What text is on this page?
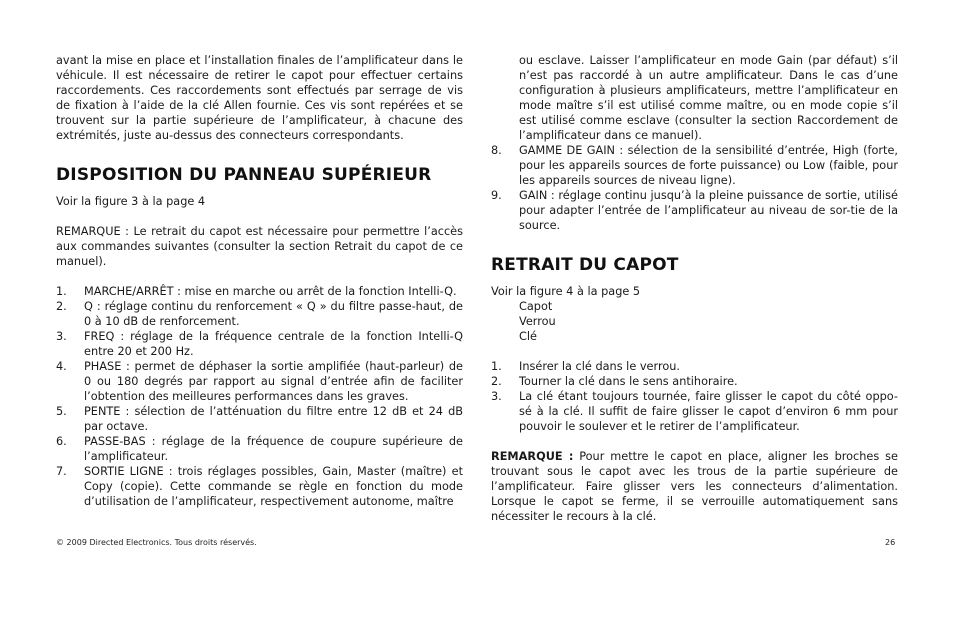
avant la mise en place et l’installation finales de l’amplificateur dans le véhicule. Il est nécessaire de retirer le capot pour effectuer certains raccordements. Ces raccordements sont effectués par serrage de vis de fixation à l’aide de la clé Allen fournie. Ces vis sont repérées et se trouvent sur la partie supérieure de l’amplificateur, à chacune des extrémités, juste au-dessus des connecteurs correspondants.

DISPOSITION DU PANNEAU SUPÉRIEUR

Voir la figure 3 à la page 4

REMARQUE : Le retrait du capot est nécessaire pour permettre l’accès aux commandes suivantes (consulter la section Retrait du capot de ce manuel).

1.	MARCHE/ARRÊT : mise en marche ou arrêt de la fonction Intelli-Q.
2.	Q : réglage continu du renforcement « Q » du filtre passe-haut, de 0 à 10 dB de renforcement.
3.	FREQ : réglage de la fréquence centrale de la fonction Intelli-Q entre 20 et 200 Hz.
4.	PHASE : permet de déphaser la sortie amplifiée (haut-parleur) de 0 ou 180 degrés par rapport au signal d’entrée afin de faciliter l’obtention des meilleures performances dans les graves.
5.	PENTE : sélection de l’atténuation du filtre entre 12 dB et 24 dB par octave.
6.	PASSE-BAS : réglage de la fréquence de coupure supérieure de l’amplificateur.
7.	SORTIE LIGNE : trois réglages possibles, Gain, Master (maître) et Copy (copie). Cette commande se règle en fonction du mode d’utilisation de l’amplificateur, respectivement autonome, maître

ou esclave. Laisser l’amplificateur en mode Gain (par défaut) s’il n’est pas raccordé à un autre amplificateur. Dans le cas d’une configuration à plusieurs amplificateurs, mettre l’amplificateur en mode maître s’il est utilisé comme maître, ou en mode copie s’il est utilisé comme esclave (consulter la section Raccordement de l’amplificateur dans ce manuel).

8.	GAMME DE GAIN : sélection de la sensibilité d’entrée, High (forte, pour les appareils sources de forte puissance) ou Low (faible, pour les appareils sources de niveau ligne).
9.	GAIN : réglage continu jusqu’à la pleine puissance de sortie, utilisé pour adapter l’entrée de l’amplificateur au niveau de sor-tie de la source.
RETRAIT DU CAPOT

Voir la figure 4 à la page 5

Capot

Verrou

Clé

1.	Insérer la clé dans le verrou.
2.	Tourner la clé dans le sens antihoraire.
3.	La clé étant toujours tournée, faire glisser le capot du côté oppo-sé à la clé. Il suffit de faire glisser le capot d’environ 6 mm pour pouvoir le soulever et le retirer de l’amplificateur.

REMARQUE : Pour mettre le capot en place, aligner les broches se trouvant sous le capot avec les trous de la partie supérieure de l’amplificateur. Faire glisser vers les connecteurs d’alimentation. Lorsque le capot se ferme, il se verrouille automatiquement sans nécessiter le recours à la clé.

© 2009 Directed Electronics. Tous droits réservés.	26
